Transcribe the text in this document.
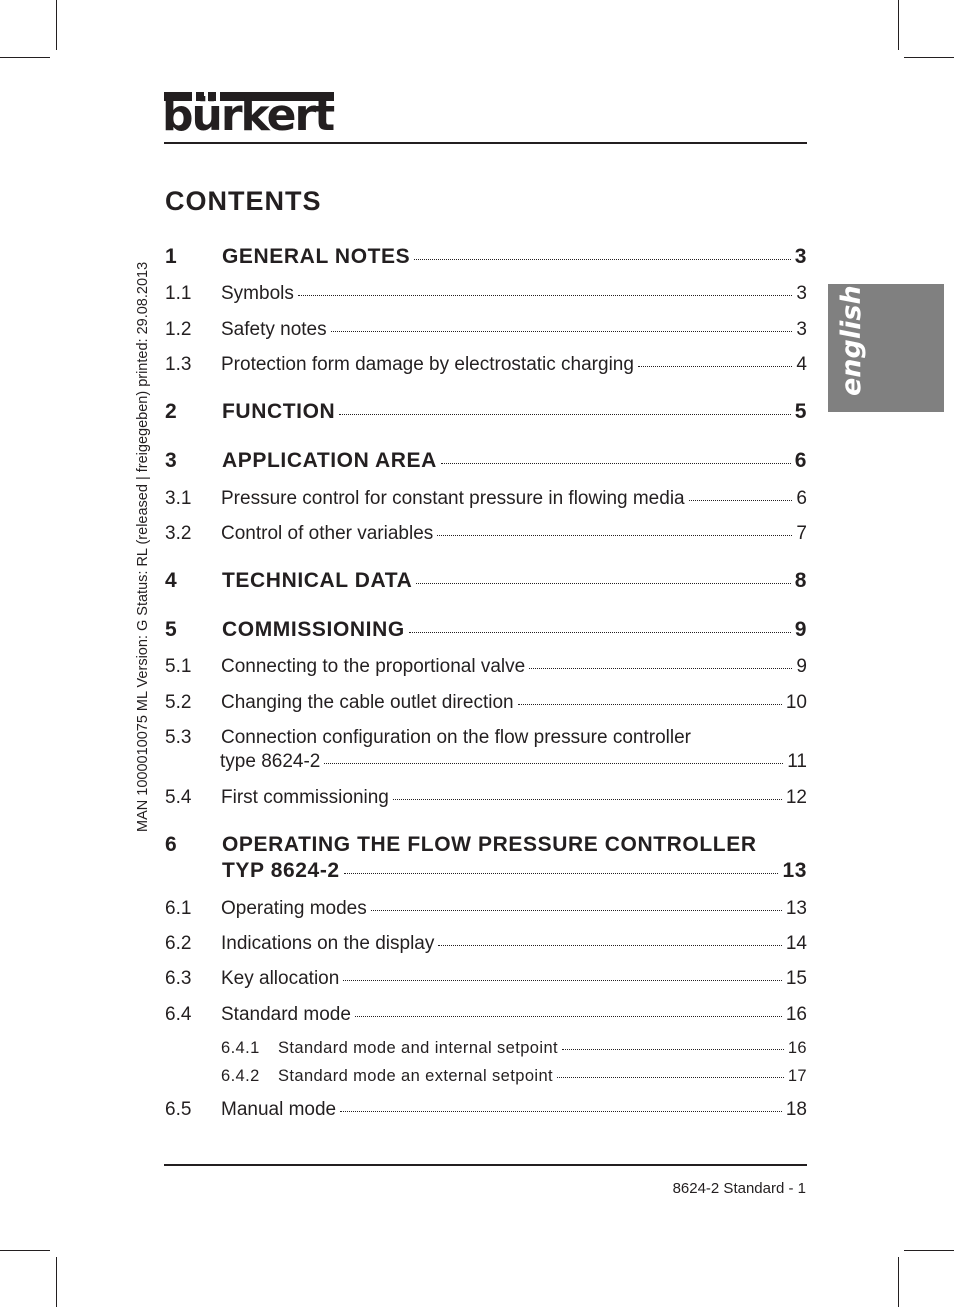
bürkert
MAN 1000010075 ML Version: G Status: RL (released | freigegeben) printed: 29.08.2013	english
CONTENTS
1	GENERAL NOTES	3
1.1	Symbols	3
1.2	Safety notes	3
1.3	Protection form damage by electrostatic charging	4
2	FUNCTION	5
3	APPLICATION AREA	6
3.1	Pressure control for constant pressure in flowing media	6
3.2	Control of other variables	7
4	TECHNICAL DATA	8
5	COMMISSIONING	9
5.1	Connecting to the proportional valve	9
5.2	Changing the cable outlet direction	10
5.3 Connection configuration on the flow pressure controller
type 8624-2	11
5.4	First commissioning	12
6 OPERATING THE FLOW PRESSURE CONTROLLER
TYP 8624-2	13
6.1	Operating modes	13
6.2	Indications on the display	14
6.3	Key allocation	15
6.4	Standard mode	16
6.4.1	Standard mode and internal setpoint	16
6.4.2	Standard mode an external setpoint	17
6.5	Manual mode	18
8624-2 Standard - 1
